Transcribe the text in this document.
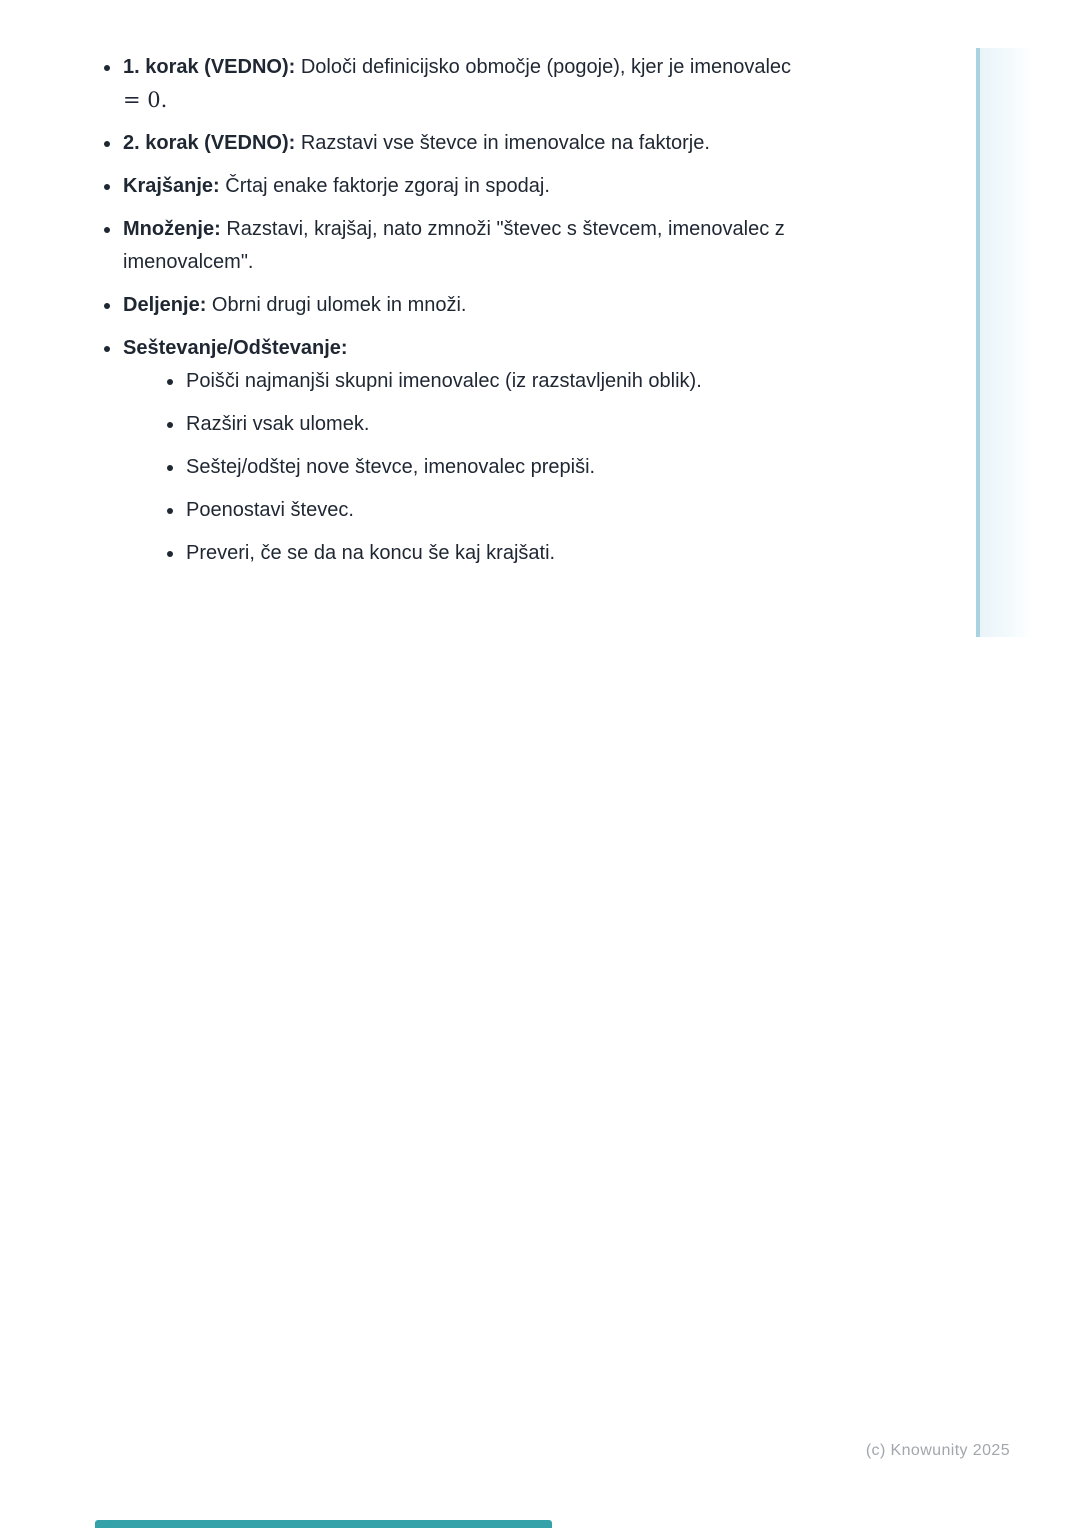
1. korak (VEDNO): Določi definicijsko območje (pogoje), kjer je imenovalec
= 0.
2. korak (VEDNO): Razstavi vse števce in imenovalce na faktorje.
Krajšanje: Črtaj enake faktorje zgoraj in spodaj.
Množenje: Razstavi, krajšaj, nato zmnoži "števec s števcem, imenovalec z
imenovalcem".
Deljenje: Obrni drugi ulomek in množi.
Seštevanje/Odštevanje:
Poišči najmanjši skupni imenovalec (iz razstavljenih oblik).
Razširi vsak ulomek.
Seštej/odštej nove števce, imenovalec prepiši.
Poenostavi števec.
Preveri, če se da na koncu še kaj krajšati.
(c) Knowunity 2025
